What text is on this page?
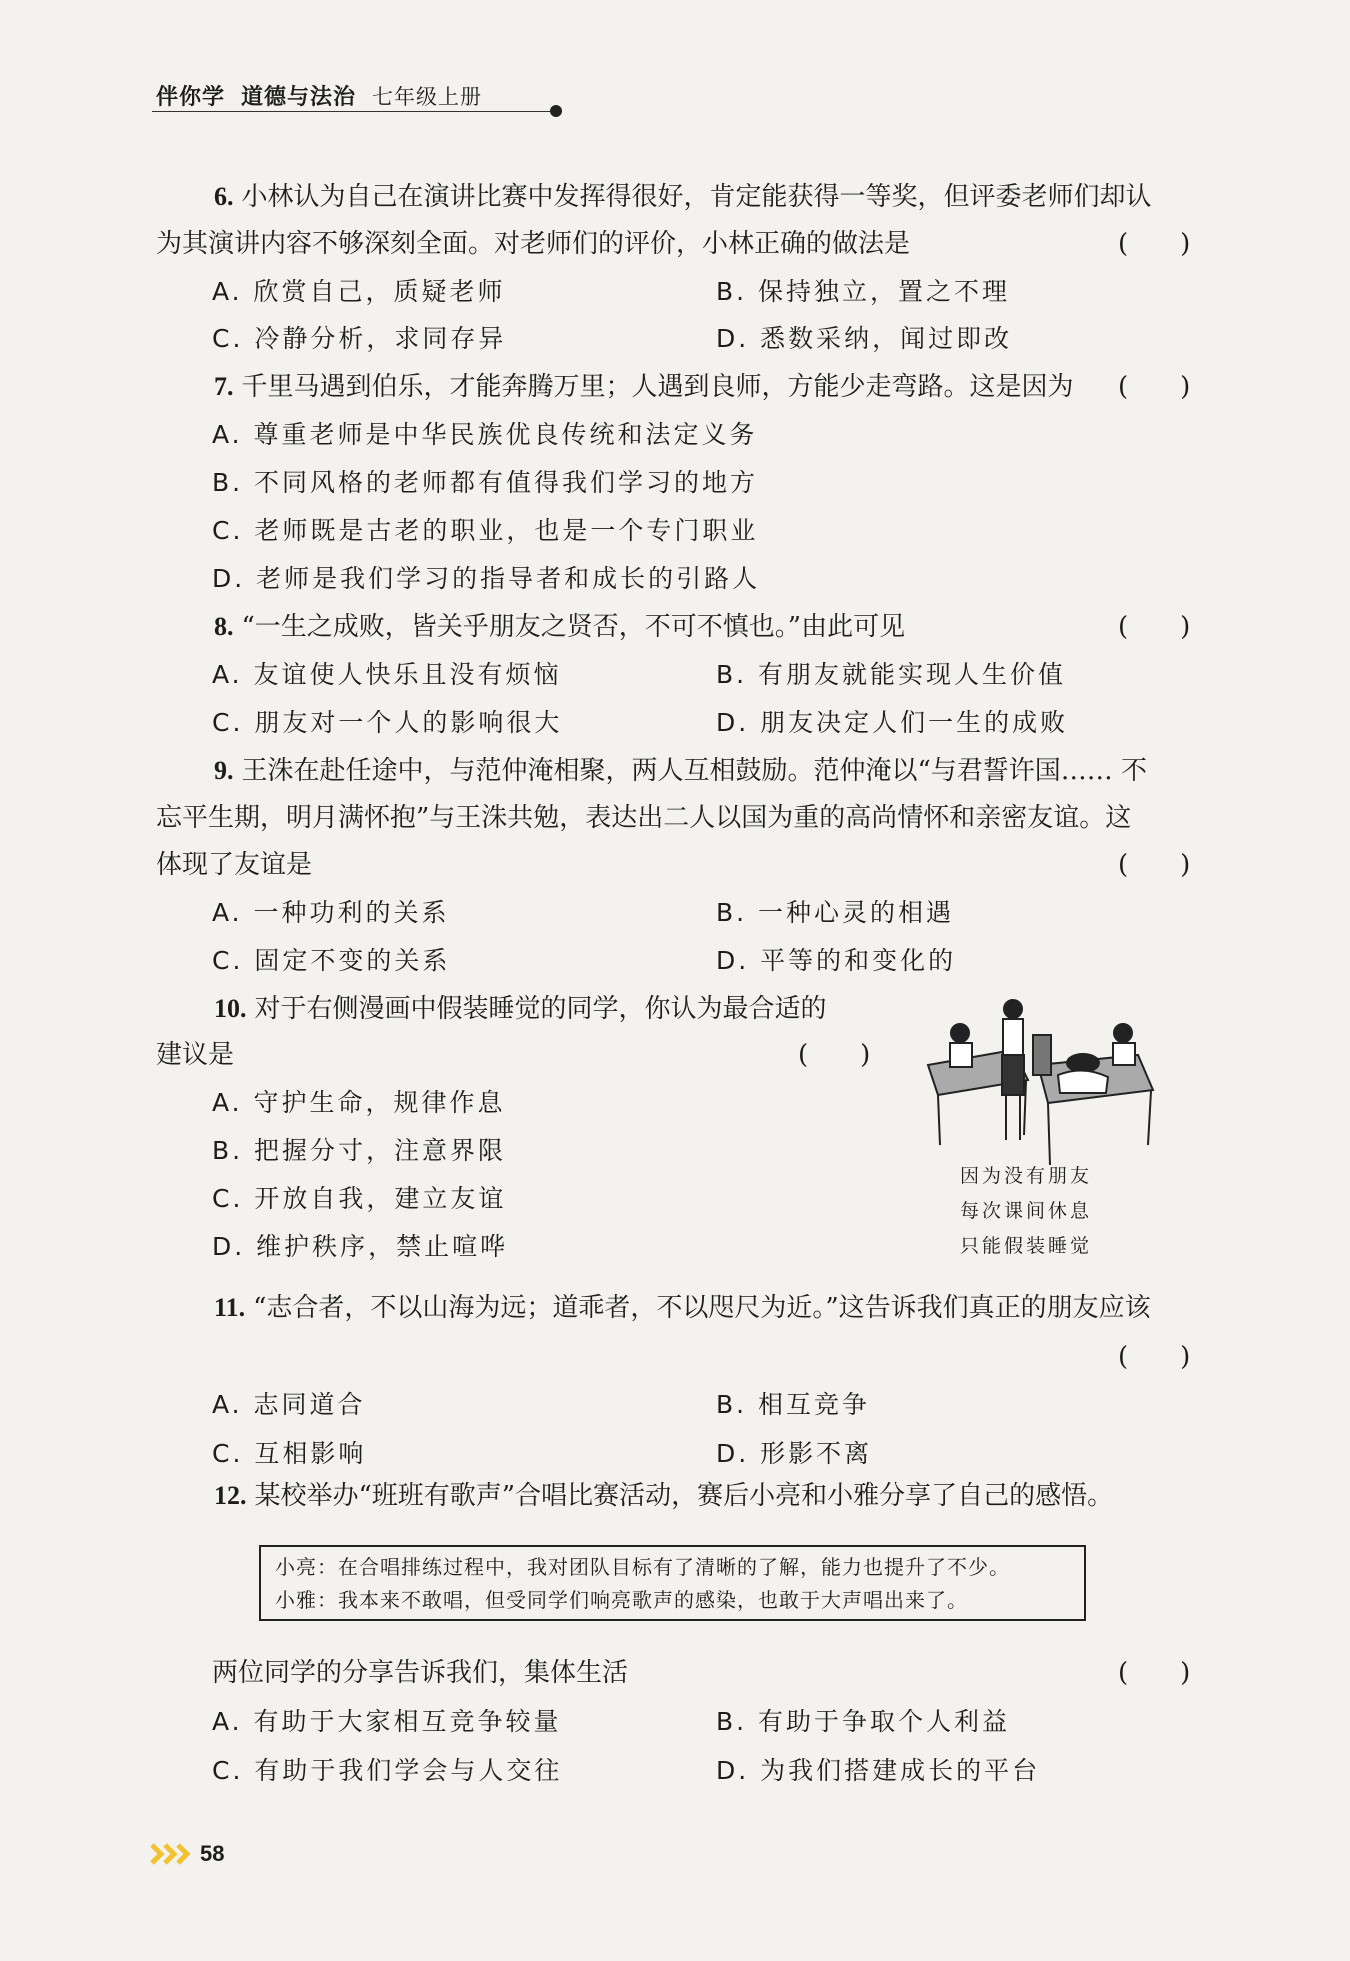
伴你学 道德与法治 七年级上册
6. 小林认为自己在演讲比赛中发挥得很好，肯定能获得一等奖，但评委老师们却认
为其演讲内容不够深刻全面。对老师们的评价，小林正确的做法是	(　　)
A. 欣赏自己，质疑老师	B. 保持独立，置之不理
C. 冷静分析，求同存异	D. 悉数采纳，闻过即改
7. 千里马遇到伯乐，才能奔腾万里；人遇到良师，方能少走弯路。这是因为 (　　)
A. 尊重老师是中华民族优良传统和法定义务
B. 不同风格的老师都有值得我们学习的地方
C. 老师既是古老的职业，也是一个专门职业
D. 老师是我们学习的指导者和成长的引路人
8. “一生之成败，皆关乎朋友之贤否，不可不慎也。”由此可见	(　　)
A. 友谊使人快乐且没有烦恼	B. 有朋友就能实现人生价值
C. 朋友对一个人的影响很大	D. 朋友决定人们一生的成败
9. 王洙在赴任途中，与范仲淹相聚，两人互相鼓励。范仲淹以“与君誓许国…… 不
忘平生期，明月满怀抱”与王洙共勉，表达出二人以国为重的高尚情怀和亲密友谊。这
体现了友谊是	(　　)
A. 一种功利的关系	B. 一种心灵的相遇
C. 固定不变的关系	D. 平等的和变化的
10. 对于右侧漫画中假装睡觉的同学，你认为最合适的
建议是	(　　)
A. 守护生命，规律作息
B. 把握分寸，注意界限
C. 开放自我，建立友谊
D. 维护秩序，禁止喧哗
因为没有朋友
每次课间休息
只能假装睡觉
11. “志合者，不以山海为远；道乖者，不以咫尺为近。”这告诉我们真正的朋友应该
(　　)
A. 志同道合	B. 相互竞争
C. 互相影响	D. 形影不离
12. 某校举办“班班有歌声”合唱比赛活动，赛后小亮和小雅分享了自己的感悟。
小亮：在合唱排练过程中，我对团队目标有了清晰的了解，能力也提升了不少。
小雅：我本来不敢唱，但受同学们响亮歌声的感染，也敢于大声唱出来了。
两位同学的分享告诉我们，集体生活	(　　)
A. 有助于大家相互竞争较量	B. 有助于争取个人利益
C. 有助于我们学会与人交往	D. 为我们搭建成长的平台
58
